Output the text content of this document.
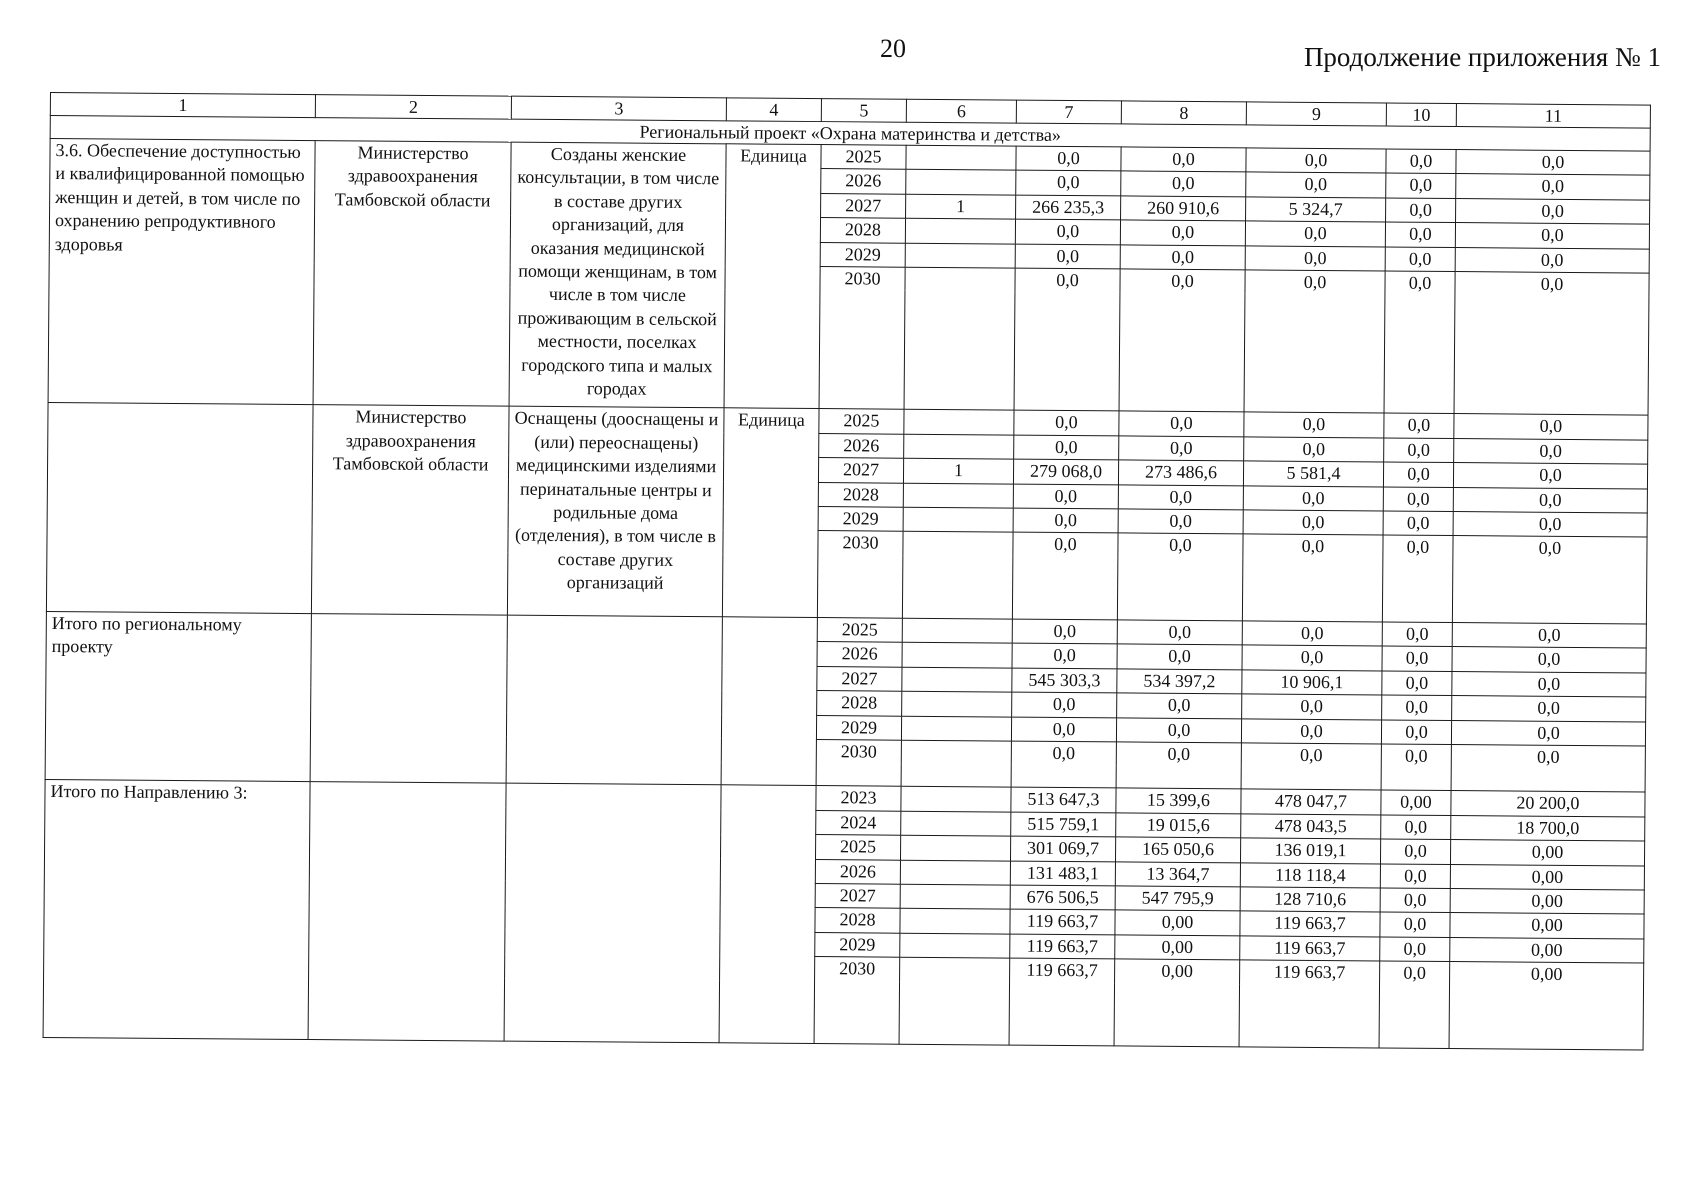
20	Продолжение приложения № 1
1	2	3	4	5	6	7	8	9	10	11
Региональный проект «Охрана материнства и детства»										
3.6. Обеспечение доступностью и квалифицированной помощью женщин и детей, в том числе по охранению репродуктивного здоровья	Министерство здравоохранения Тамбовской области	Созданы женские консультации, в том числе в составе других организаций, для оказания медицинской помощи женщинам, в том числе в том числе проживающим в сельской местности, поселках городского типа и малых городах	Единица	2025		0,0	0,0	0,0	0,0	0,0
				2026		0,0	0,0	0,0	0,0	0,0
				2027	1	266 235,3	260 910,6	5 324,7	0,0	0,0
				2028		0,0	0,0	0,0	0,0	0,0
				2029		0,0	0,0	0,0	0,0	0,0
				2030		0,0	0,0	0,0	0,0	0,0

	Министерство здравоохранения Тамбовской области	Оснащены (дооснащены и (или) переоснащены) медицинскими изделиями перинатальные центры и родильные дома (отделения), в том числе в составе других организаций	Единица	2025		0,0	0,0	0,0	0,0	0,0
				2026		0,0	0,0	0,0	0,0	0,0
				2027	1	279 068,0	273 486,6	5 581,4	0,0	0,0
				2028		0,0	0,0	0,0	0,0	0,0
				2029		0,0	0,0	0,0	0,0	0,0
				2030		0,0	0,0	0,0	0,0	0,0

Итого по региональному проекту				2025		0,0	0,0	0,0	0,0	0,0
				2026		0,0	0,0	0,0	0,0	0,0
				2027		545 303,3	534 397,2	10 906,1	0,0	0,0
				2028		0,0	0,0	0,0	0,0	0,0
				2029		0,0	0,0	0,0	0,0	0,0
				2030		0,0	0,0	0,0	0,0	0,0

Итого по Направлению 3:				2023		513 647,3	15 399,6	478 047,7	0,00	20 200,0
				2024		515 759,1	19 015,6	478 043,5	0,0	18 700,0
				2025		301 069,7	165 050,6	136 019,1	0,0	0,00
				2026		131 483,1	13 364,7	118 118,4	0,0	0,00
				2027		676 506,5	547 795,9	128 710,6	0,0	0,00
				2028		119 663,7	0,00	119 663,7	0,0	0,00
				2029		119 663,7	0,00	119 663,7	0,0	0,00
				2030		119 663,7	0,00	119 663,7	0,0	0,00
